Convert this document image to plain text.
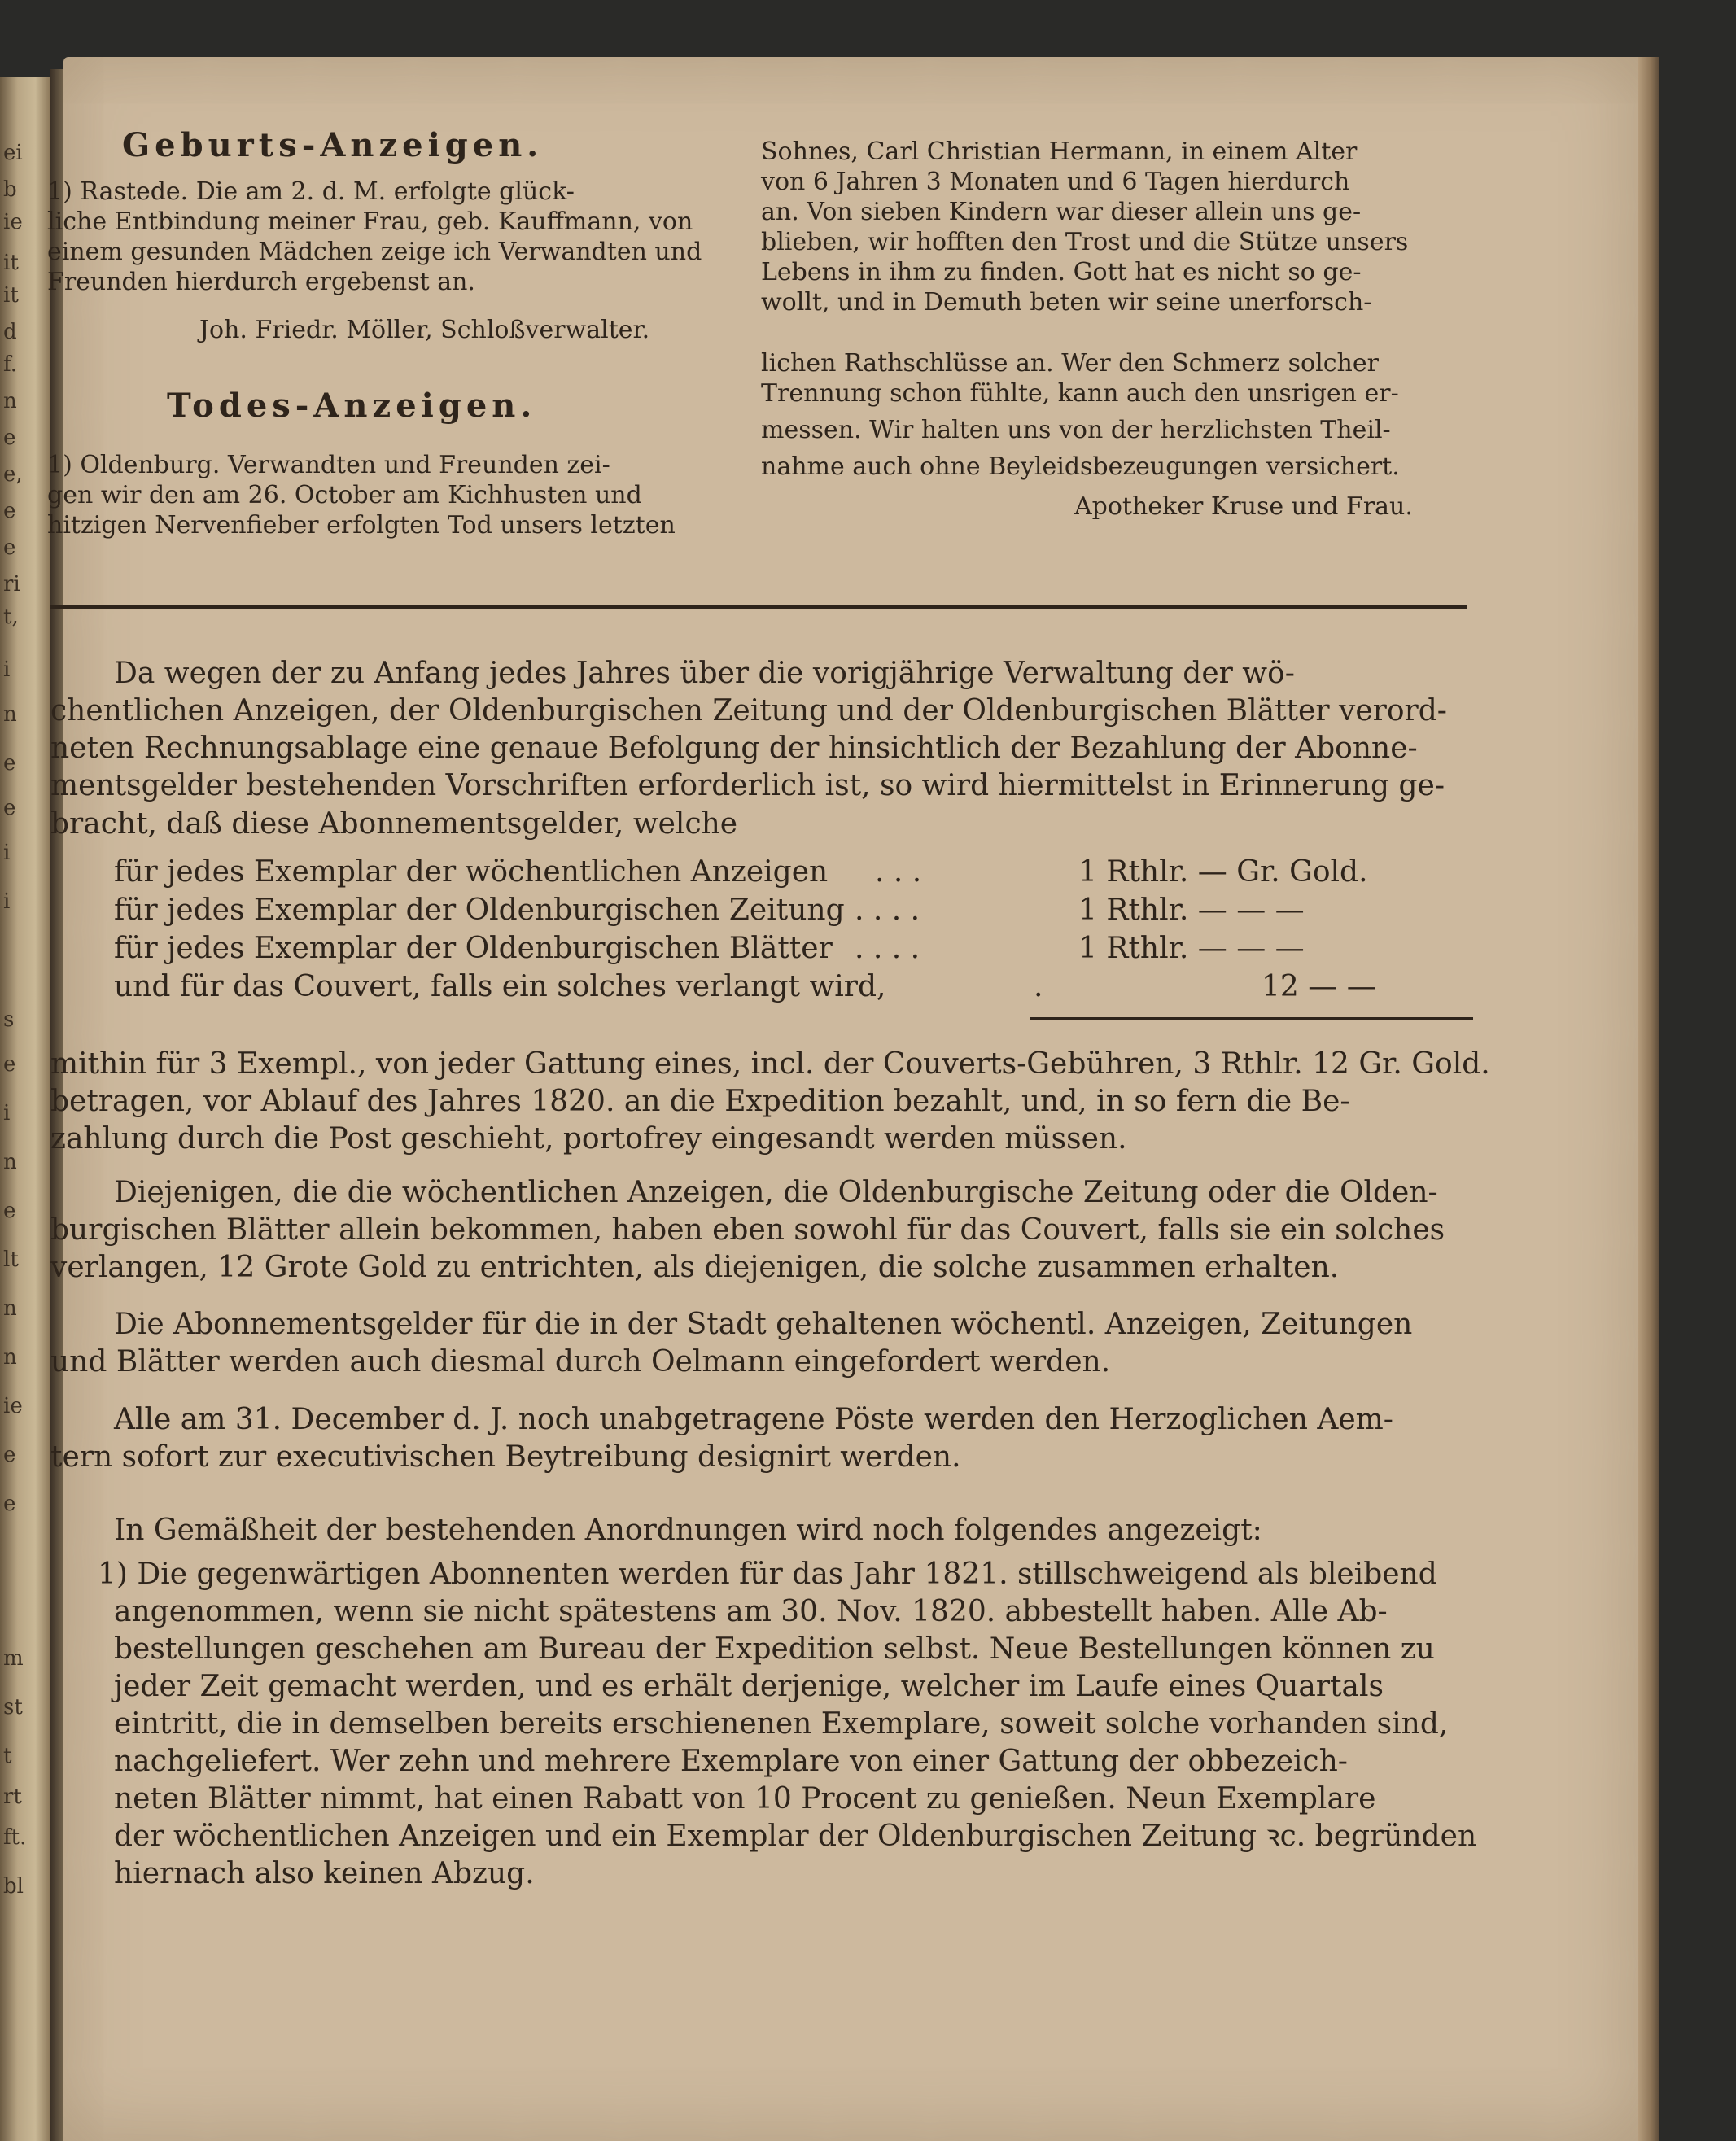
ei
b
ie
it
it
d
f.
n
e
e,
e
e
ri
t,
i
n
e
e
i
i
s
e
i
n
e
lt
n
n
ie
e
e
m
st
t
rt
ft.
bl
Geburts-Anzeigen.
1) Rastede. Die am 2. d. M. erfolgte glück-
liche Entbindung meiner Frau, geb. Kauffmann, von
einem gesunden Mädchen zeige ich Verwandten und
Freunden hierdurch ergebenst an.
Joh. Friedr. Möller, Schloßverwalter.
Todes-Anzeigen.
1) Oldenburg. Verwandten und Freunden zei-
gen wir den am 26. October am Kichhusten und
hitzigen Nervenfieber erfolgten Tod unsers letzten
Sohnes, Carl Christian Hermann, in einem Alter
von 6 Jahren 3 Monaten und 6 Tagen hierdurch
an. Von sieben Kindern war dieser allein uns ge-
blieben, wir hofften den Trost und die Stütze unsers
Lebens in ihm zu finden. Gott hat es nicht so ge-
wollt, und in Demuth beten wir seine unerforsch-
lichen Rathschlüsse an. Wer den Schmerz solcher
Trennung schon fühlte, kann auch den unsrigen er-
messen. Wir halten uns von der herzlichsten Theil-
nahme auch ohne Beyleidsbezeugungen versichert.
Apotheker Kruse und Frau.
Da wegen der zu Anfang jedes Jahres über die vorigjährige Verwaltung der wö-
chentlichen Anzeigen, der Oldenburgischen Zeitung und der Oldenburgischen Blätter verord-
neten Rechnungsablage eine genaue Befolgung der hinsichtlich der Bezahlung der Abonne-
mentsgelder bestehenden Vorschriften erforderlich ist, so wird hiermittelst in Erinnerung ge-
bracht, daß diese Abonnementsgelder, welche
für jedes Exemplar der wöchentlichen Anzeigen . . .	1 Rthlr. — Gr. Gold.
für jedes Exemplar der Oldenburgischen Zeitung . . . .	1 Rthlr. — — —
für jedes Exemplar der Oldenburgischen Blätter . . . .	1 Rthlr. — — —
und für das Couvert, falls ein solches verlangt wird,	.	12 — —
mithin für 3 Exempl., von jeder Gattung eines, incl. der Couverts-Gebühren, 3 Rthlr. 12 Gr. Gold.
betragen, vor Ablauf des Jahres 1820. an die Expedition bezahlt, und, in so fern die Be-
zahlung durch die Post geschieht, portofrey eingesandt werden müssen.
Diejenigen, die die wöchentlichen Anzeigen, die Oldenburgische Zeitung oder die Olden-
burgischen Blätter allein bekommen, haben eben sowohl für das Couvert, falls sie ein solches
verlangen, 12 Grote Gold zu entrichten, als diejenigen, die solche zusammen erhalten.
Die Abonnementsgelder für die in der Stadt gehaltenen wöchentl. Anzeigen, Zeitungen
und Blätter werden auch diesmal durch Oelmann eingefordert werden.
Alle am 31. December d. J. noch unabgetragene Pöste werden den Herzoglichen Aem-
tern sofort zur executivischen Beytreibung designirt werden.
In Gemäßheit der bestehenden Anordnungen wird noch folgendes angezeigt:
1) Die gegenwärtigen Abonnenten werden für das Jahr 1821. stillschweigend als bleibend
angenommen, wenn sie nicht spätestens am 30. Nov. 1820. abbestellt haben. Alle Ab-
bestellungen geschehen am Bureau der Expedition selbst. Neue Bestellungen können zu
jeder Zeit gemacht werden, und es erhält derjenige, welcher im Laufe eines Quartals
eintritt, die in demselben bereits erschienenen Exemplare, soweit solche vorhanden sind,
nachgeliefert. Wer zehn und mehrere Exemplare von einer Gattung der obbezeich-
neten Blätter nimmt, hat einen Rabatt von 10 Procent zu genießen. Neun Exemplare
der wöchentlichen Anzeigen und ein Exemplar der Oldenburgischen Zeitung ꝛc. begründen
hiernach also keinen Abzug.
